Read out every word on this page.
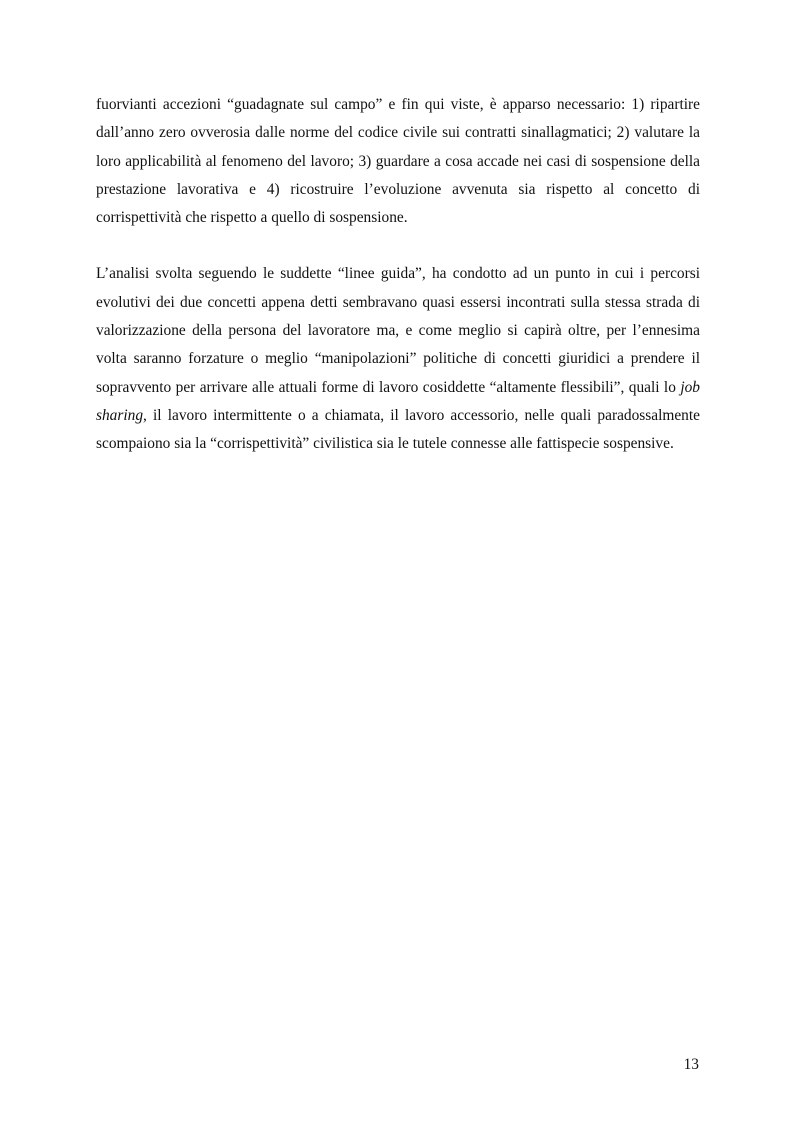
fuorvianti accezioni “guadagnate sul campo” e fin qui viste, è apparso necessario: 1) ripartire dall’anno zero ovverosia dalle norme del codice civile sui contratti sinallagmatici; 2) valutare la loro applicabilità al fenomeno del lavoro; 3) guardare a cosa accade nei casi di sospensione della prestazione lavorativa e 4) ricostruire l’evoluzione avvenuta sia rispetto al concetto di corrispettività che rispetto a quello di sospensione.

L’analisi svolta seguendo le suddette “linee guida”, ha condotto ad un punto in cui i percorsi evolutivi dei due concetti appena detti sembravano quasi essersi incontrati sulla stessa strada di valorizzazione della persona del lavoratore ma, e come meglio si capirà oltre, per l’ennesima volta saranno forzature o meglio “manipolazioni” politiche di concetti giuridici a prendere il sopravvento per arrivare alle attuali forme di lavoro cosiddette “altamente flessibili”, quali lo job sharing, il lavoro intermittente o a chiamata, il lavoro accessorio, nelle quali paradossalmente scompaiono sia la “corrispettività” civilistica sia le tutele connesse alle fattispecie sospensive.

13
